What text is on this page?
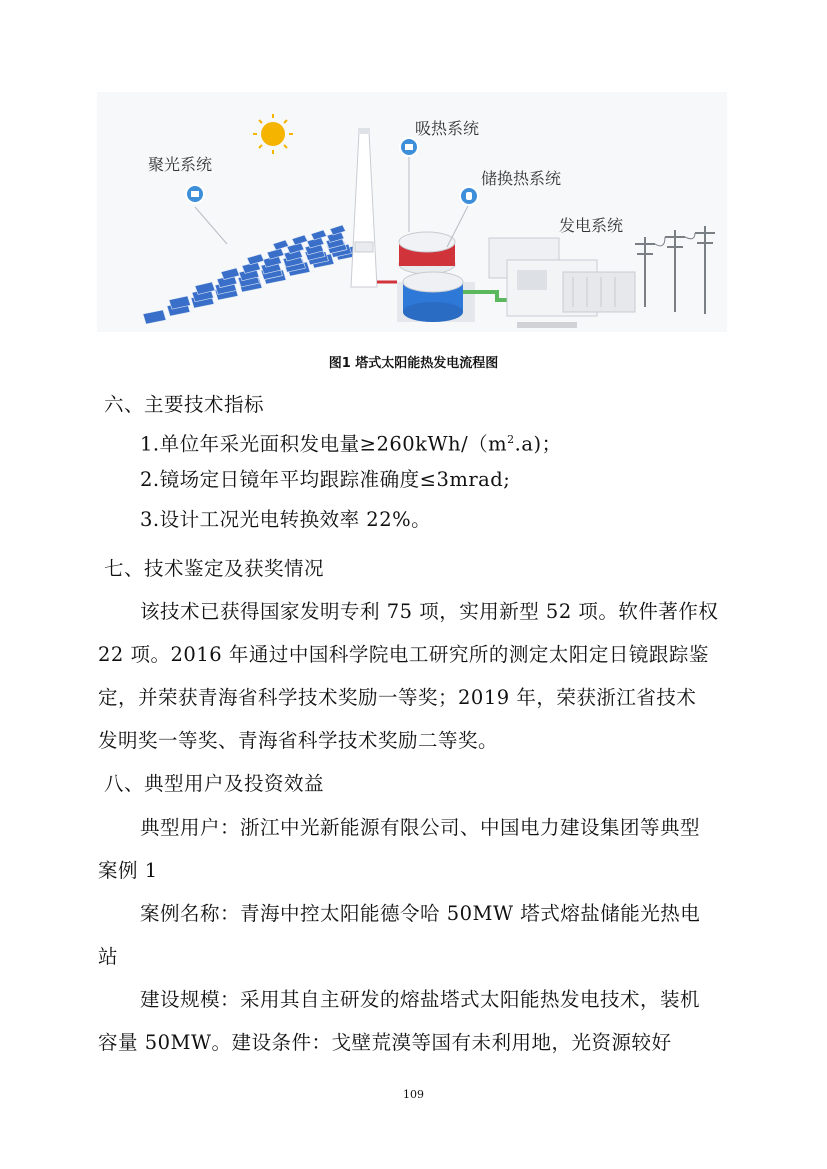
聚光系统
吸热系统
储换热系统
发电系统
图1 塔式太阳能热发电流程图
六、主要技术指标
1.单位年采光面积发电量$\ge 260kWh/(m^2.a)$；
2.镜场定日镜年平均跟踪准确度≤3mrad;
3.设计工况光电转换效率 22%。
七、技术鉴定及获奖情况
该技术已获得国家发明专利 75 项，实用新型 52 项。软件著作权
22 项。2016 年通过中国科学院电工研究所的测定太阳定日镜跟踪鉴
定，并荣获青海省科学技术奖励一等奖；2019 年，荣获浙江省技术
发明奖一等奖、青海省科学技术奖励二等奖。
八、典型用户及投资效益
典型用户：浙江中光新能源有限公司、中国电力建设集团等典型
案例 1
案例名称：青海中控太阳能德令哈 50MW 塔式熔盐储能光热电
站
建设规模：采用其自主研发的熔盐塔式太阳能热发电技术，装机
容量 50MW。建设条件：戈壁荒漠等国有未利用地，光资源较好
109
